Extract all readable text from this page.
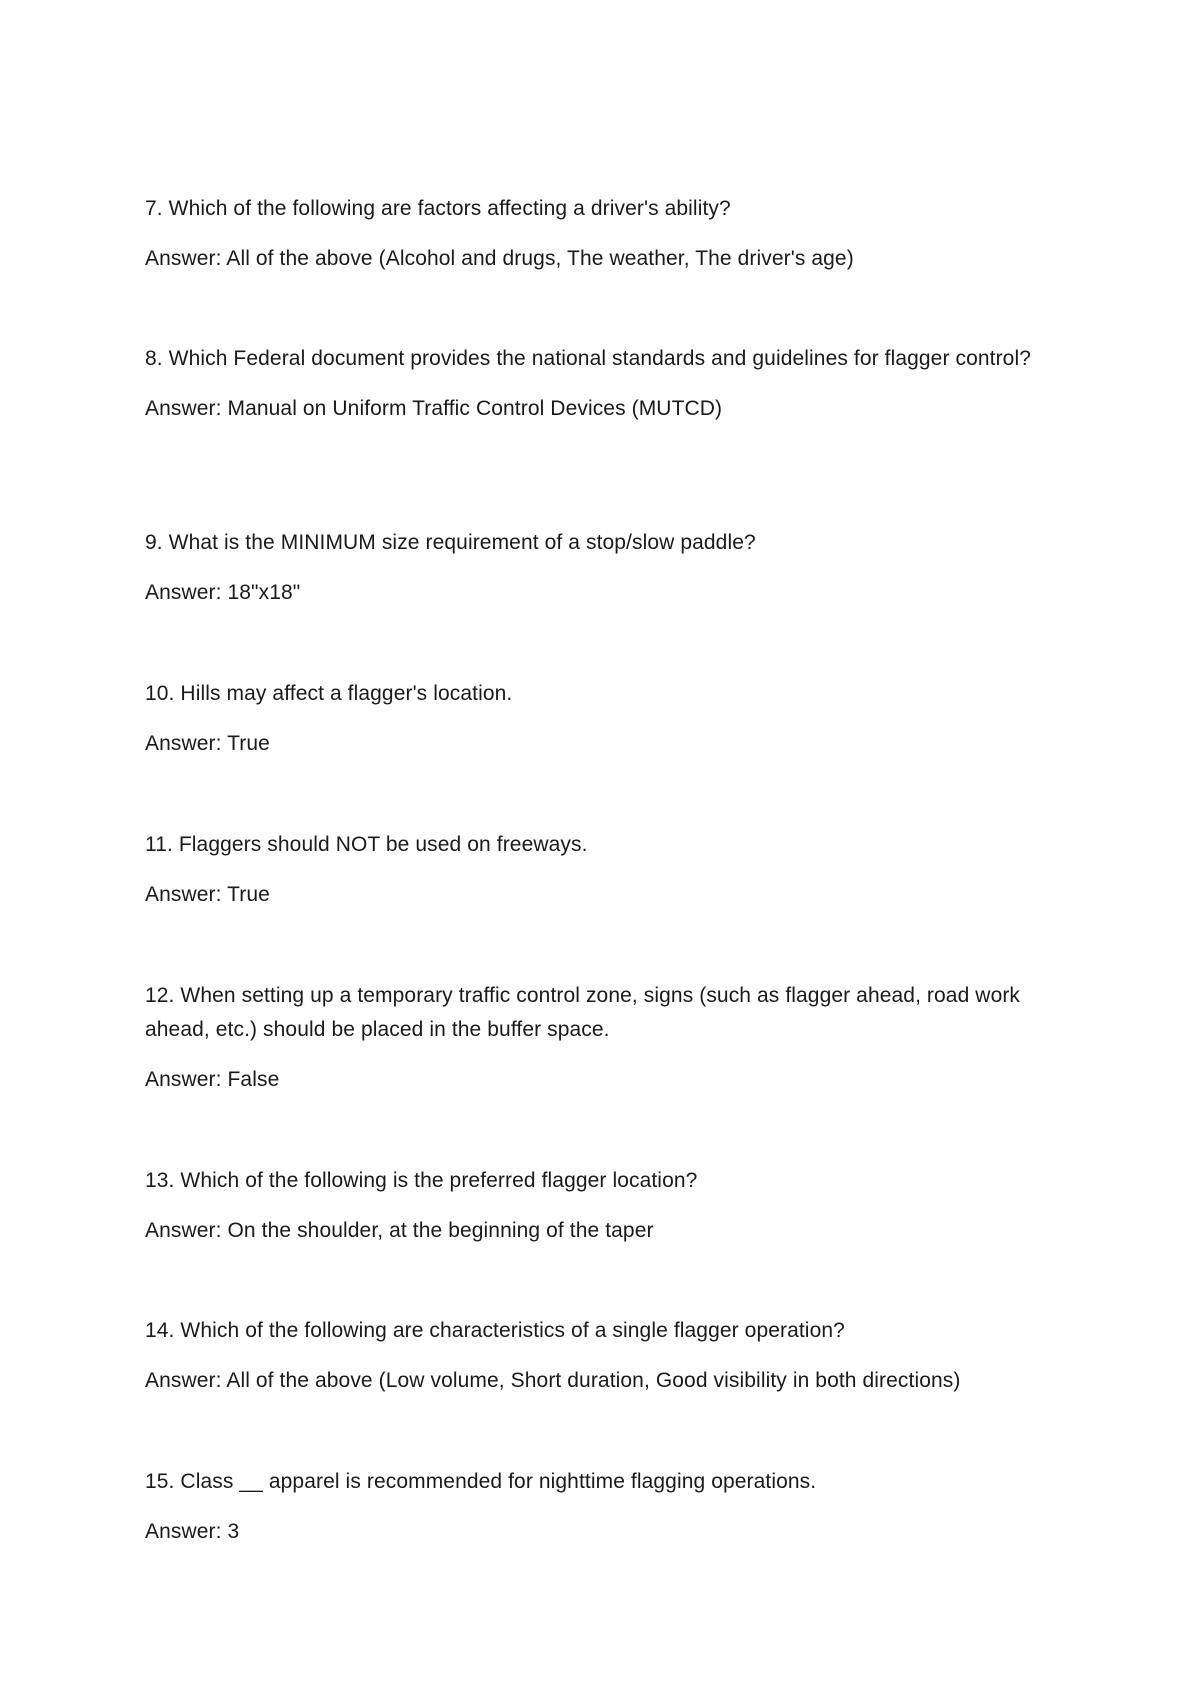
7. Which of the following are factors affecting a driver's ability?

Answer: All of the above (Alcohol and drugs, The weather, The driver's age)

8. Which Federal document provides the national standards and guidelines for flagger control?

Answer: Manual on Uniform Traffic Control Devices (MUTCD)

9. What is the MINIMUM size requirement of a stop/slow paddle?

Answer: 18"x18"

10. Hills may affect a flagger's location.

Answer: True

11. Flaggers should NOT be used on freeways.

Answer: True

12. When setting up a temporary traffic control zone, signs (such as flagger ahead, road work ahead, etc.) should be placed in the buffer space.

Answer: False

13. Which of the following is the preferred flagger location?

Answer: On the shoulder, at the beginning of the taper

14. Which of the following are characteristics of a single flagger operation?

Answer: All of the above (Low volume, Short duration, Good visibility in both directions)

15. Class __ apparel is recommended for nighttime flagging operations.

Answer: 3
